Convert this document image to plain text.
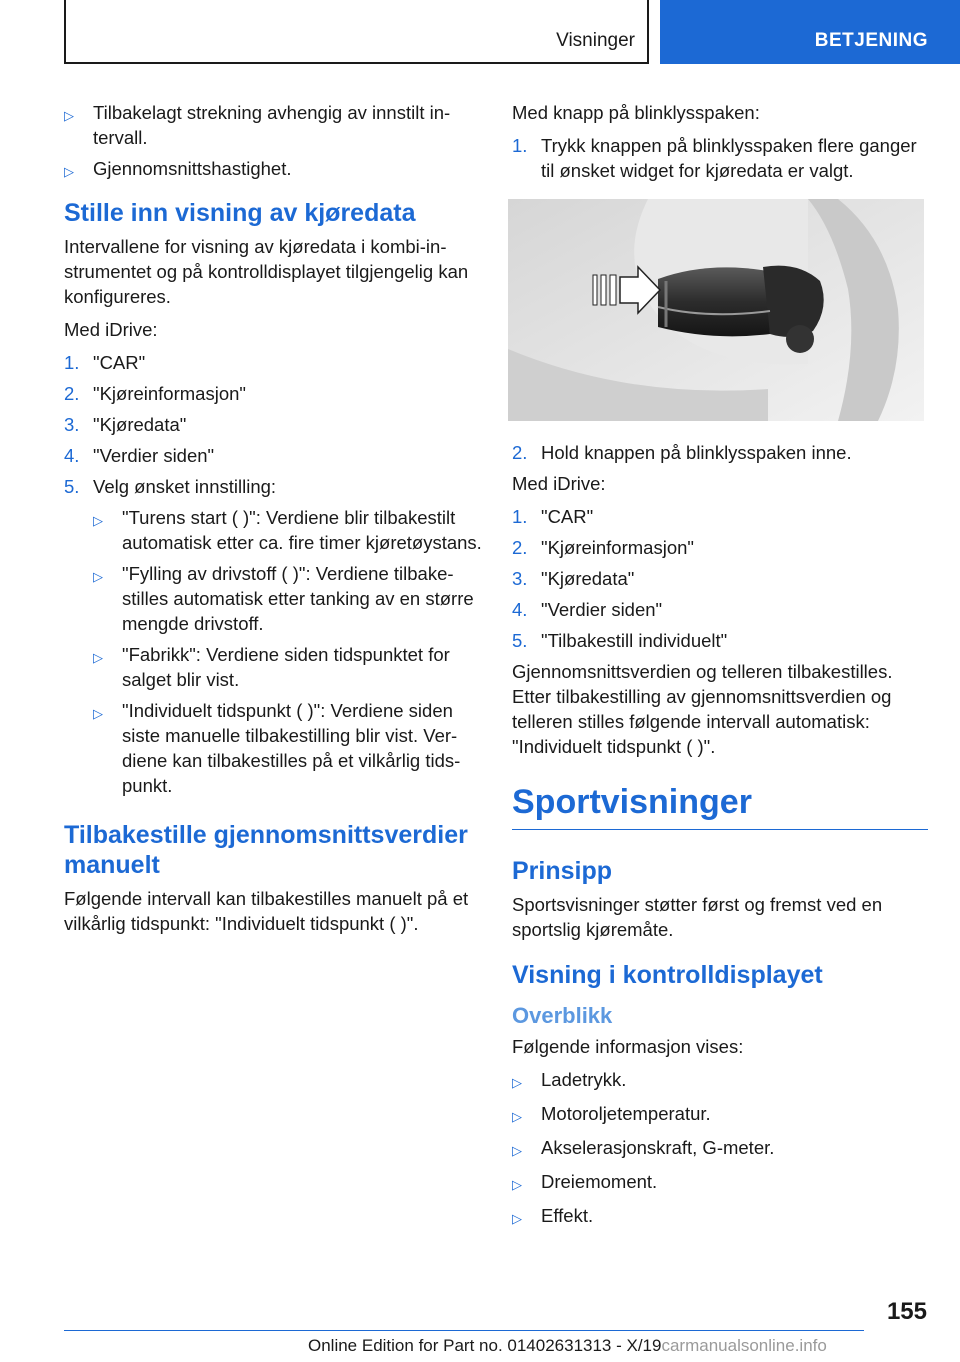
Visninger	BETJENING
▷	Tilbakelagt strekning avhengig av innstilt intervall.
▷	Gjennomsnittshastighet.
Stille inn visning av kjøredata

Intervallene for visning av kjøredata i kombi-instrumentet og på kontrolldisplayet tilgjengelig kan konfigureres.

Med iDrive:

1. "CAR"
2. "Kjøreinformasjon"
3. "Kjøredata"
4. "Verdier siden"
5. Velg ønsket innstilling:
▷	"Turens start ( )": Verdiene blir tilbakestilt automatisk etter ca. fire timer kjøretøystans.
▷	"Fylling av drivstoff ( )": Verdiene tilbakestilles automatisk etter tanking av en større mengde drivstoff.
▷	"Fabrikk": Verdiene siden tidspunktet for salget blir vist.
▷	"Individuelt tidspunkt ( )": Verdiene siden siste manuelle tilbakestilling blir vist. Verdiene kan tilbakestilles på et vilkårlig tidspunkt.
Tilbakestille gjennomsnittsverdier manuelt

Følgende intervall kan tilbakestilles manuelt på et vilkårlig tidspunkt: "Individuelt tidspunkt ( )".

Med knapp på blinklysspaken:

1. Trykk knappen på blinklysspaken flere ganger til ønsket widget for kjøredata er valgt.
2. Hold knappen på blinklysspaken inne.

Med iDrive:

1. "CAR"
2. "Kjøreinformasjon"
3. "Kjøredata"
4. "Verdier siden"
5. "Tilbakestill individuelt"

Gjennomsnittsverdien og telleren tilbakestilles. Etter tilbakestilling av gjennomsnittsverdien og telleren stilles følgende intervall automatisk: "Individuelt tidspunkt ( )".

Sportvisninger
Prinsipp

Sportsvisninger støtter først og fremst ved en sportslig kjøremåte.

Visning i kontrolldisplayet
Overblikk

Følgende informasjon vises:

▷	Ladetrykk.
▷	Motoroljetemperatur.
▷	Akselerasjonskraft, G-meter.
▷	Dreiemoment.
▷	Effekt.
155
Online Edition for Part no. 01402631313 - X/19carmanualsonline.info
